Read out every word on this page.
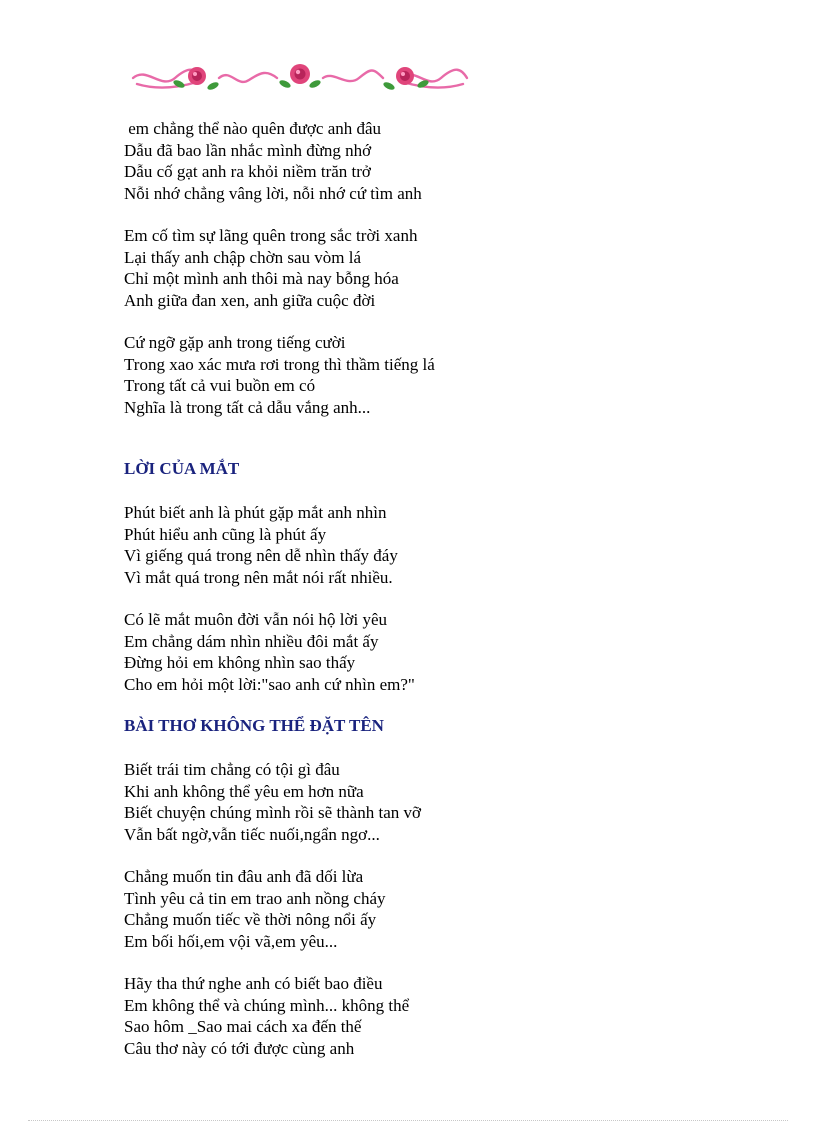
em chẳng thể nào quên được anh đâu
Dẫu đã bao lần nhắc mình đừng nhớ
Dẫu cố gạt anh ra khỏi niềm trăn trở
Nỗi nhớ chẳng vâng lời, nỗi nhớ cứ tìm anh
Em cố tìm sự lãng quên trong sắc trời xanh
Lại thấy anh chập chờn sau vòm lá
Chỉ một mình anh thôi mà nay bỗng hóa
Anh giữa đan xen, anh giữa cuộc đời
Cứ ngỡ gặp anh trong tiếng cười
Trong xao xác mưa rơi trong thì thầm tiếng lá
Trong tất cả vui buồn em có
Nghĩa là trong tất cả dẫu vắng anh...
LỜI CỦA MẮT
Phút biết anh là phút gặp mắt anh nhìn
Phút hiểu anh cũng là phút ấy
Vì giếng quá trong nên dễ nhìn thấy đáy
Vì mắt quá trong nên mắt nói rất nhiều.
Có lẽ mắt muôn đời vẫn nói hộ lời yêu
Em chẳng dám nhìn nhiều đôi mắt ấy
Đừng hỏi em không nhìn sao thấy
Cho em hỏi một lời:"sao anh cứ nhìn em?"
BÀI THƠ KHÔNG THỂ ĐẶT TÊN
Biết trái tim chẳng có tội gì đâu
Khi anh không thể yêu em hơn nữa
Biết chuyện chúng mình rồi sẽ thành tan vỡ
Vẫn bất ngờ,vẫn tiếc nuối,ngẩn ngơ...
Chẳng muốn tin đâu anh đã dối lừa
Tình yêu cả tin em trao anh nồng cháy
Chẳng muốn tiếc về thời nông nổi ấy
Em bối hối,em vội vã,em yêu...
Hãy tha thứ nghe anh có biết bao điều
Em không thể và chúng mình... không thể
Sao hôm _Sao mai cách xa đến thế
Câu thơ này có tới được cùng anh
